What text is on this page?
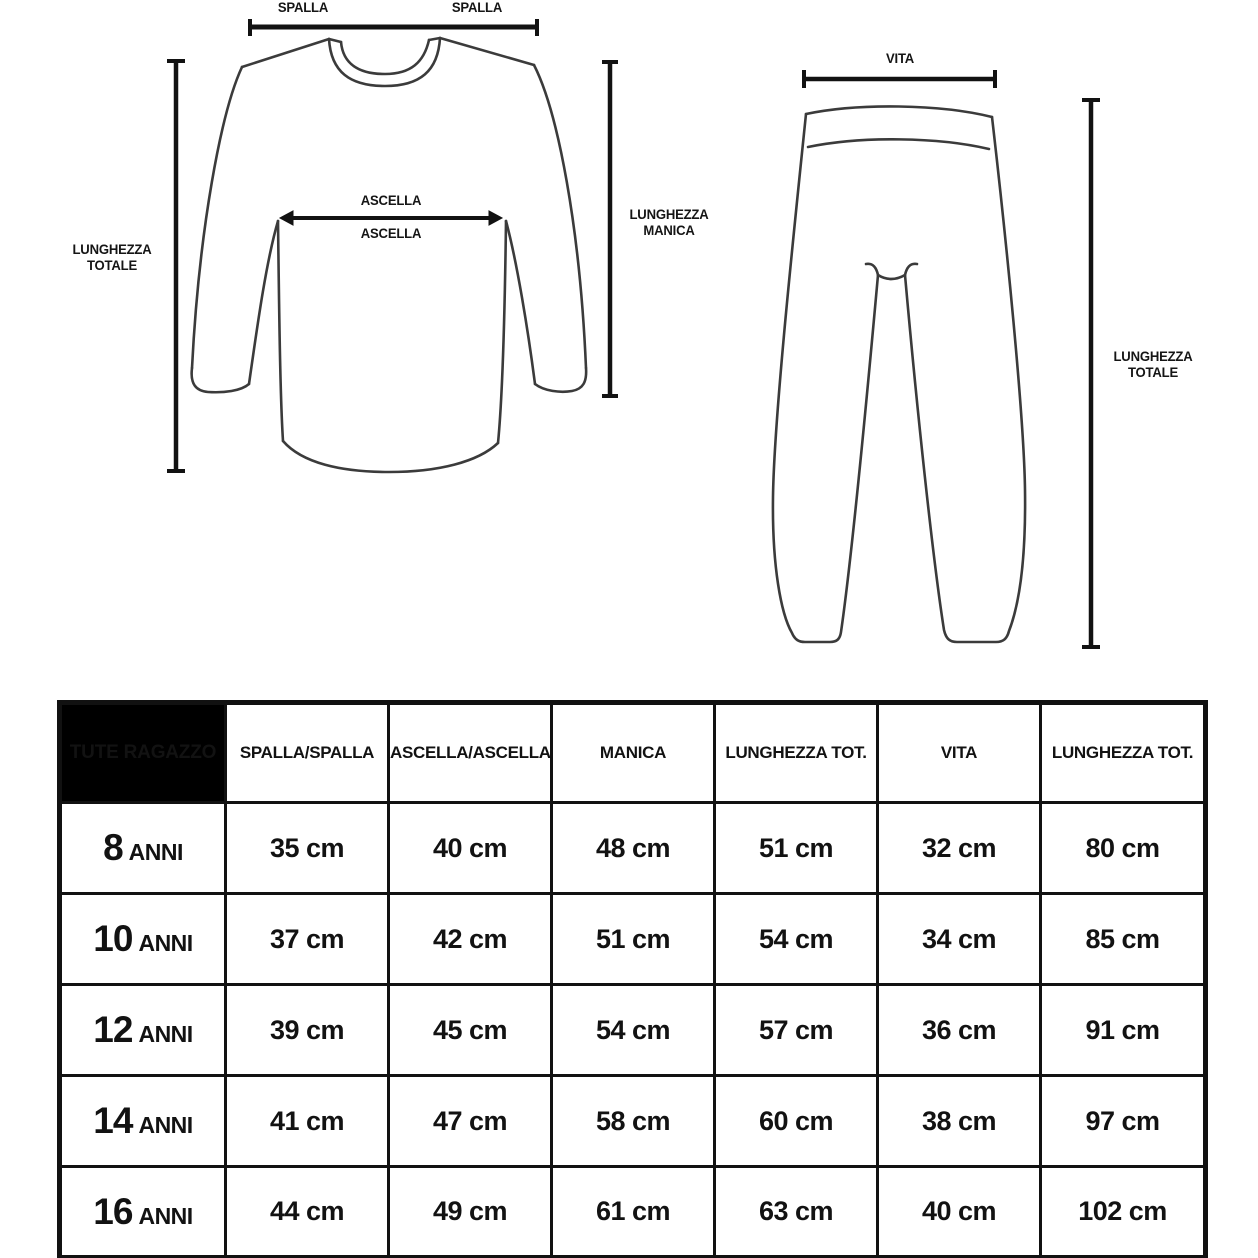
SPALLA	SPALLA
ASCELLA
ASCELLA
LUNGHEZZA
TOTALE
LUNGHEZZA
MANICA
VITA
LUNGHEZZA
TOTALE
TUTE RAGAZZO	SPALLA/SPALLA	ASCELLA/ASCELLA	MANICA	LUNGHEZZA TOT.	VITA	LUNGHEZZA TOT.
8 ANNI	35 cm	40 cm	48 cm	51 cm	32 cm	80 cm
10 ANNI	37 cm	42 cm	51 cm	54 cm	34 cm	85 cm
12 ANNI	39 cm	45 cm	54 cm	57 cm	36 cm	91 cm
14 ANNI	41 cm	47 cm	58 cm	60 cm	38 cm	97 cm
16 ANNI	44 cm	49 cm	61 cm	63 cm	40 cm	102 cm
